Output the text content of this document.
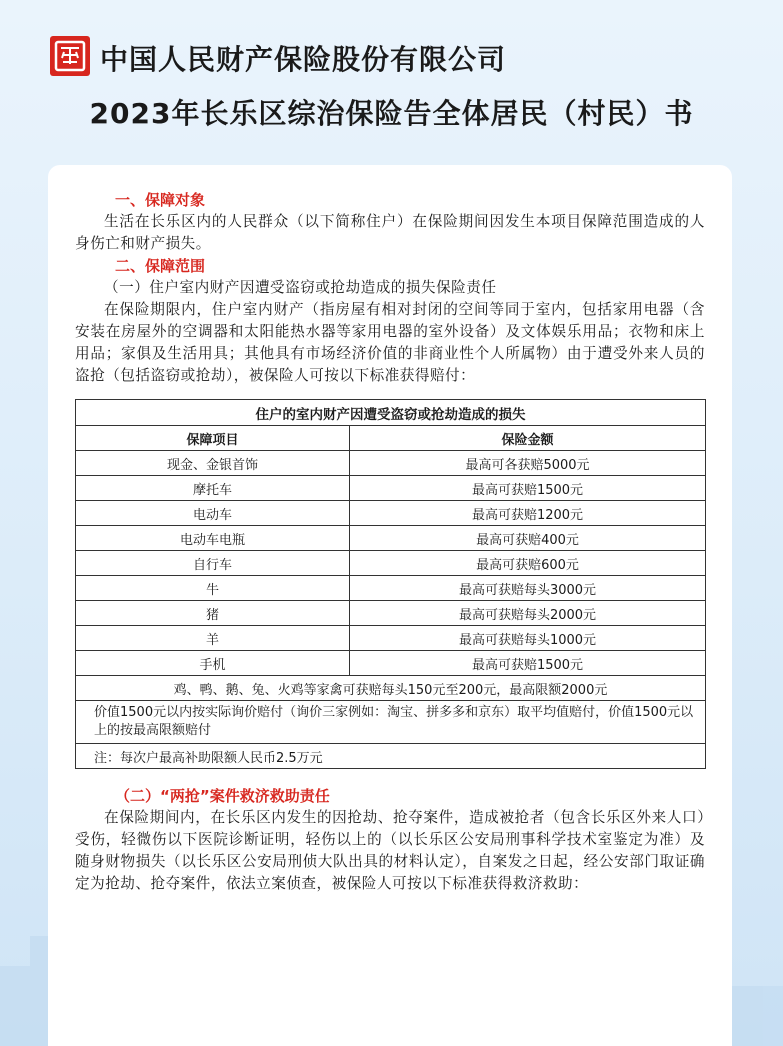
中国人民财产保险股份有限公司
2023年长乐区综治保险告全体居民（村民）书
一、保障对象
生活在长乐区内的人民群众（以下简称住户）在保险期间因发生本项目保障范围造成的人身伤亡和财产损失。
二、保障范围
（一）住户室内财产因遭受盗窃或抢劫造成的损失保险责任
在保险期限内，住户室内财产（指房屋有相对封闭的空间等同于室内，包括家用电器（含安装在房屋外的空调器和太阳能热水器等家用电器的室外设备）及文体娱乐用品；衣物和床上用品；家俱及生活用具；其他具有市场经济价值的非商业性个人所属物）由于遭受外来人员的盗抢（包括盗窃或抢劫），被保险人可按以下标准获得赔付：
住户的室内财产因遭受盗窃或抢劫造成的损失	
保障项目	保险金额
现金、金银首饰	最高可各获赔5000元
摩托车	最高可获赔1500元
电动车	最高可获赔1200元
电动车电瓶	最高可获赔400元
自行车	最高可获赔600元
牛	最高可获赔每头3000元
猪	最高可获赔每头2000元
羊	最高可获赔每头1000元
手机	最高可获赔1500元
鸡、鸭、鹅、兔、火鸡等家禽可获赔每头150元至200元，最高限额2000元	
价值1500元以内按实际询价赔付（询价三家例如：淘宝、拼多多和京东）取平均值赔付，价值1500元以上的按最高限额赔付	
注：每次户最高补助限额人民币2.5万元	
（二）“两抢”案件救济救助责任
在保险期间内，在长乐区内发生的因抢劫、抢夺案件，造成被抢者（包含长乐区外来人口）受伤，轻微伤以下医院诊断证明，轻伤以上的（以长乐区公安局刑事科学技术室鉴定为准）及随身财物损失（以长乐区公安局刑侦大队出具的材料认定），自案发之日起，经公安部门取证确定为抢劫、抢夺案件，依法立案侦查，被保险人可按以下标准获得救济救助：
